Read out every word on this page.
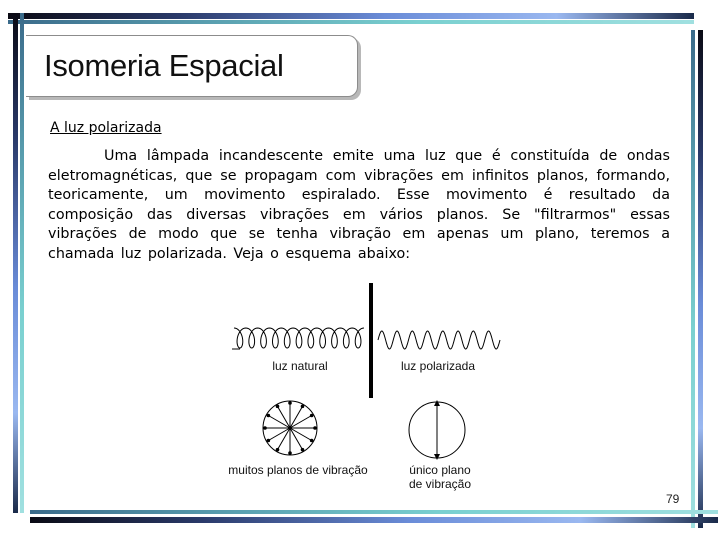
Isomeria Espacial
A luz polarizada
Uma lâmpada incandescente emite uma luz que é constituída de ondas eletromagnéticas, que se propagam com vibrações em infinitos planos, formando, teoricamente, um movimento espiralado. Esse movimento é resultado da composição das diversas vibrações em vários planos. Se "filtrarmos" essas vibrações de modo que se tenha vibração em apenas um plano, teremos a chamada luz polarizada. Veja o esquema abaixo:
luz natural	luz polarizada
muitos planos de vibração	único plano
de vibração
79
